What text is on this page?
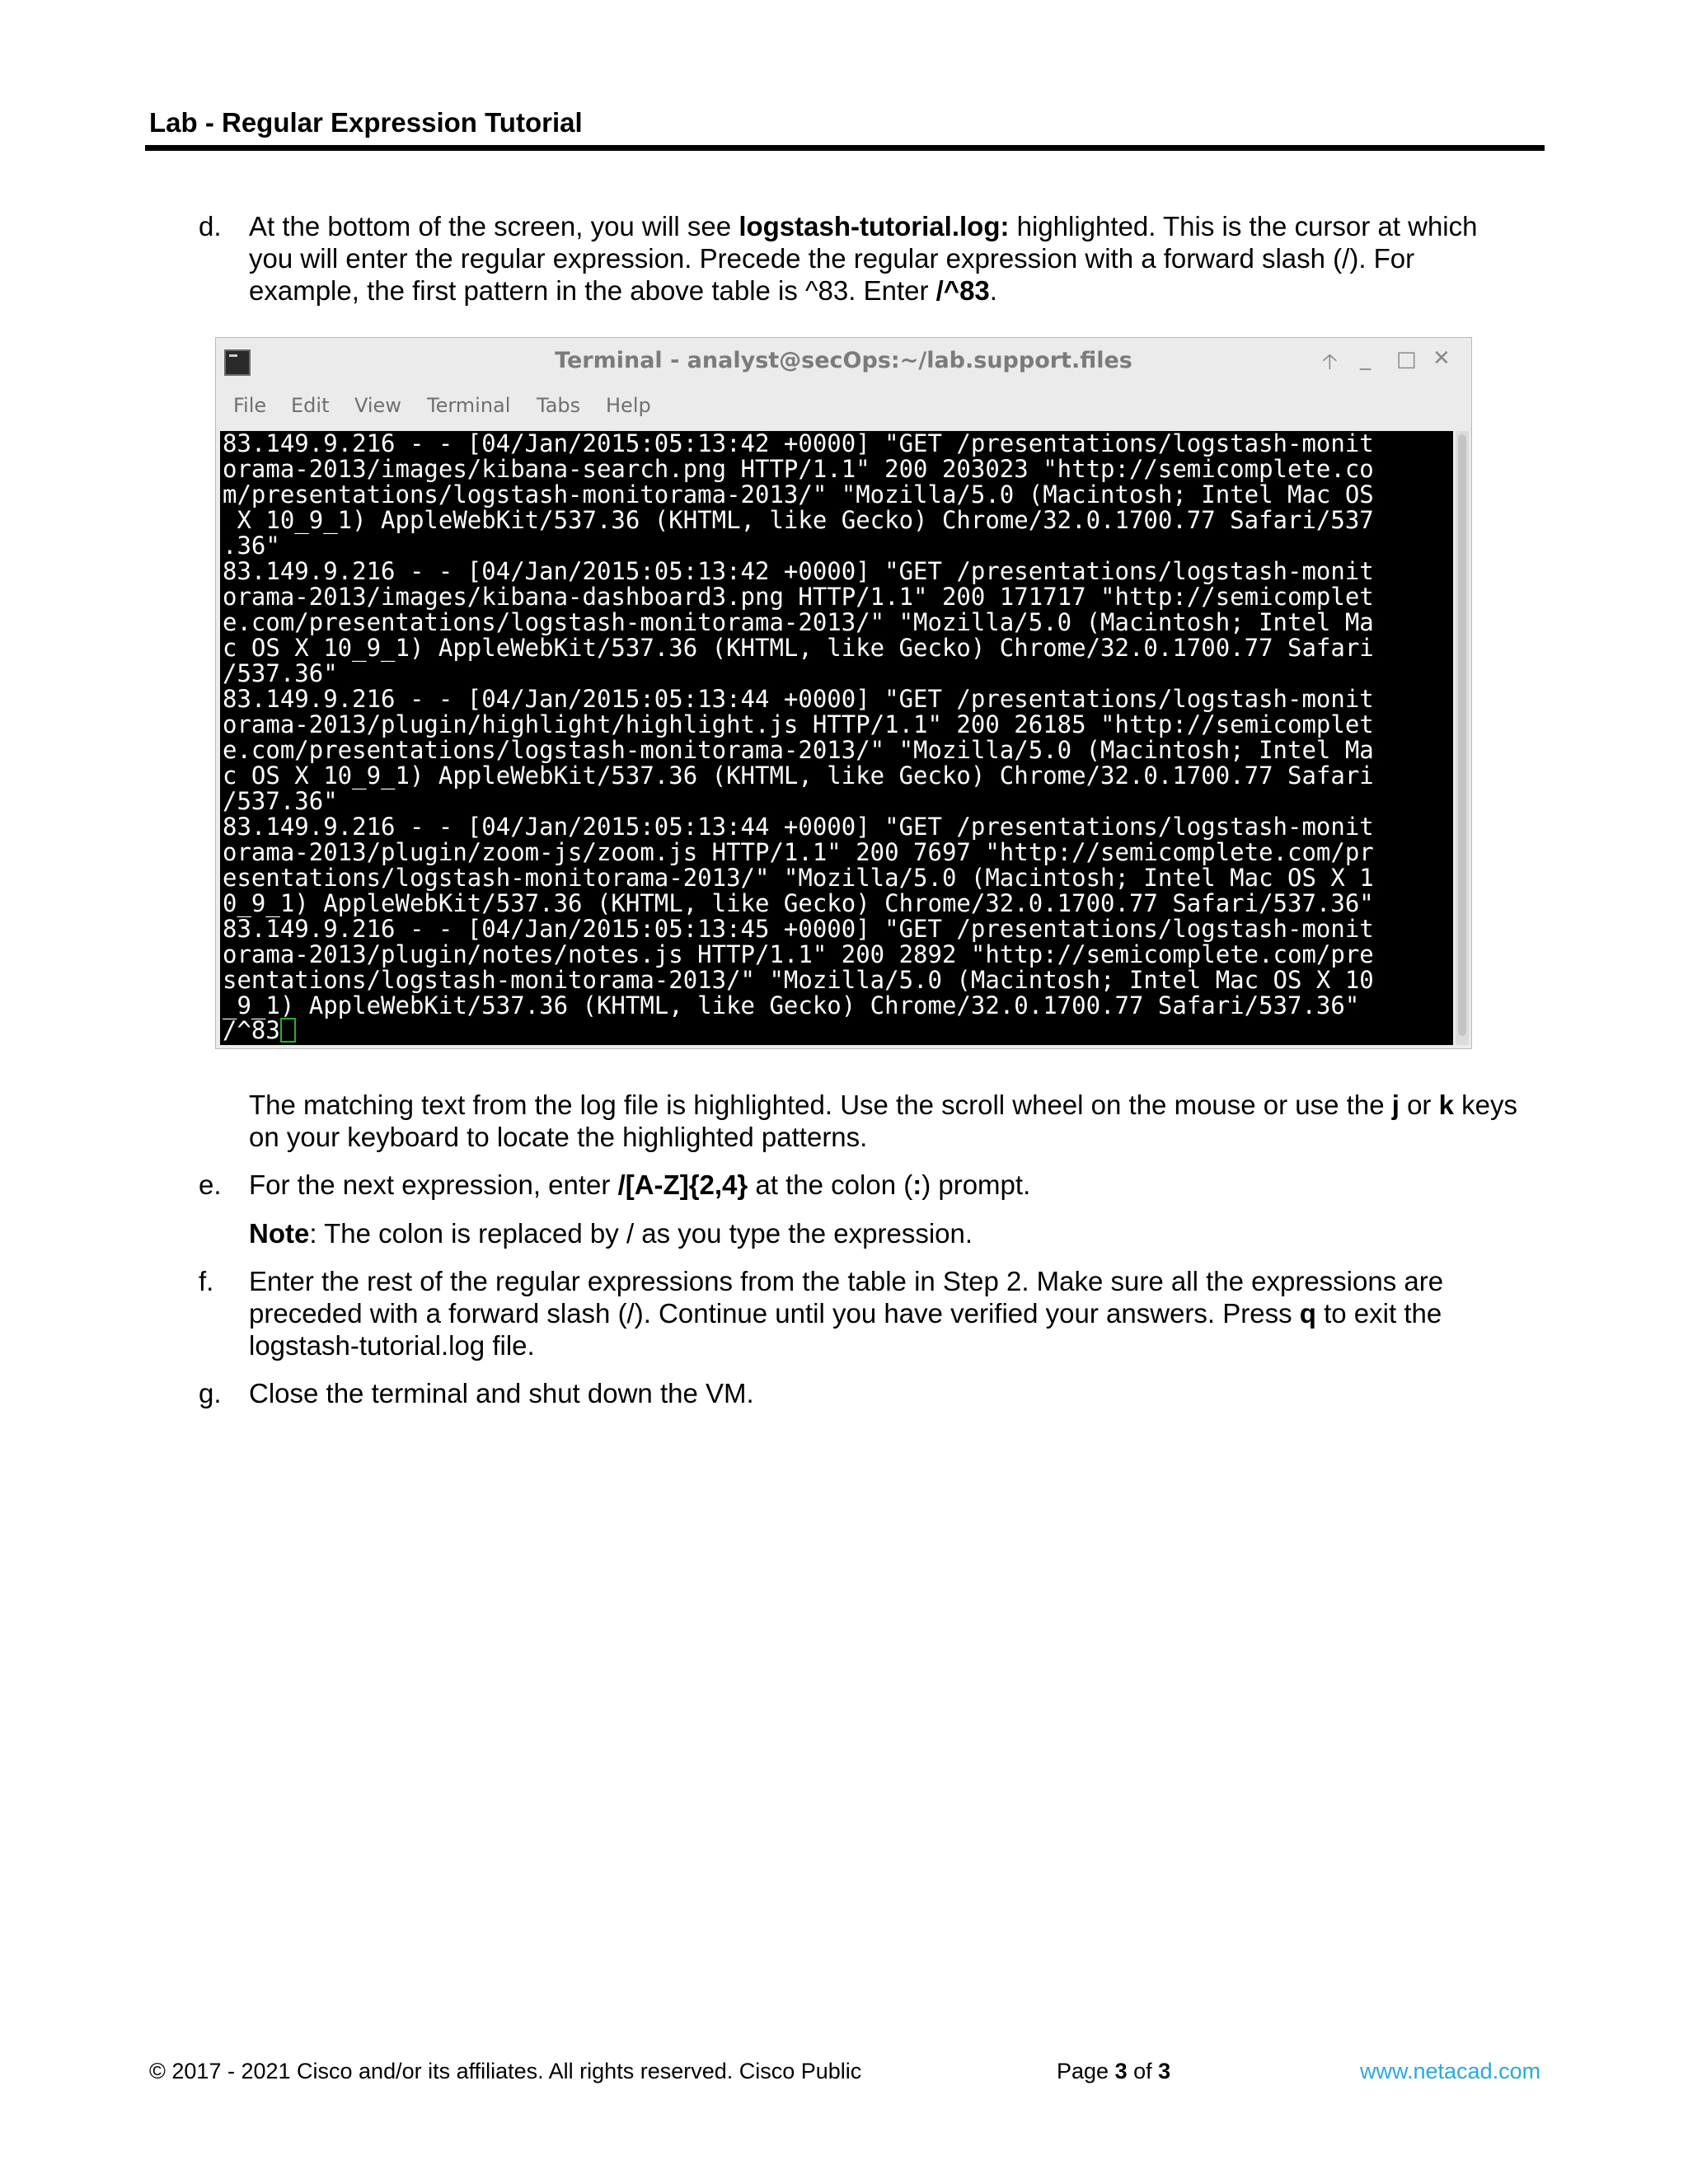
Lab - Regular Expression Tutorial
d.	At the bottom of the screen, you will see logstash-tutorial.log: highlighted. This is the cursor at which
you will enter the regular expression. Precede the regular expression with a forward slash (/). For
example, the first pattern in the above table is ^83. Enter /^83.
Terminal - analyst@secOps:~/lab.support.files	🡡 _ □ ✕
File Edit View Terminal Tabs Help
83.149.9.216 - - [04/Jan/2015:05:13:42 +0000] "GET /presentations/logstash-monit
orama-2013/images/kibana-search.png HTTP/1.1" 200 203023 "http://semicomplete.co
m/presentations/logstash-monitorama-2013/" "Mozilla/5.0 (Macintosh; Intel Mac OS
X 10_9_1) AppleWebKit/537.36 (KHTML, like Gecko) Chrome/32.0.1700.77 Safari/537
.36"
83.149.9.216 - - [04/Jan/2015:05:13:42 +0000] "GET /presentations/logstash-monit
orama-2013/images/kibana-dashboard3.png HTTP/1.1" 200 171717 "http://semicomplet
e.com/presentations/logstash-monitorama-2013/" "Mozilla/5.0 (Macintosh; Intel Ma
c OS X 10_9_1) AppleWebKit/537.36 (KHTML, like Gecko) Chrome/32.0.1700.77 Safari
/537.36"
83.149.9.216 - - [04/Jan/2015:05:13:44 +0000] "GET /presentations/logstash-monit
orama-2013/plugin/highlight/highlight.js HTTP/1.1" 200 26185 "http://semicomplet
e.com/presentations/logstash-monitorama-2013/" "Mozilla/5.0 (Macintosh; Intel Ma
c OS X 10_9_1) AppleWebKit/537.36 (KHTML, like Gecko) Chrome/32.0.1700.77 Safari
/537.36"
83.149.9.216 - - [04/Jan/2015:05:13:44 +0000] "GET /presentations/logstash-monit
orama-2013/plugin/zoom-js/zoom.js HTTP/1.1" 200 7697 "http://semicomplete.com/pr
esentations/logstash-monitorama-2013/" "Mozilla/5.0 (Macintosh; Intel Mac OS X 1
0_9_1) AppleWebKit/537.36 (KHTML, like Gecko) Chrome/32.0.1700.77 Safari/537.36"
83.149.9.216 - - [04/Jan/2015:05:13:45 +0000] "GET /presentations/logstash-monit
orama-2013/plugin/notes/notes.js HTTP/1.1" 200 2892 "http://semicomplete.com/pre
sentations/logstash-monitorama-2013/" "Mozilla/5.0 (Macintosh; Intel Mac OS X 10
_9_1) AppleWebKit/537.36 (KHTML, like Gecko) Chrome/32.0.1700.77 Safari/537.36"
/^83
The matching text from the log file is highlighted. Use the scroll wheel on the mouse or use the j or k keys
on your keyboard to locate the highlighted patterns.
e.	For the next expression, enter /[A-Z]{2,4} at the colon (:) prompt.
Note: The colon is replaced by / as you type the expression.
f.	Enter the rest of the regular expressions from the table in Step 2. Make sure all the expressions are
preceded with a forward slash (/). Continue until you have verified your answers. Press q to exit the
logstash-tutorial.log file.
g.	Close the terminal and shut down the VM.
© 2017 - 2021 Cisco and/or its affiliates. All rights reserved. Cisco Public	Page 3 of 3	www.netacad.com
